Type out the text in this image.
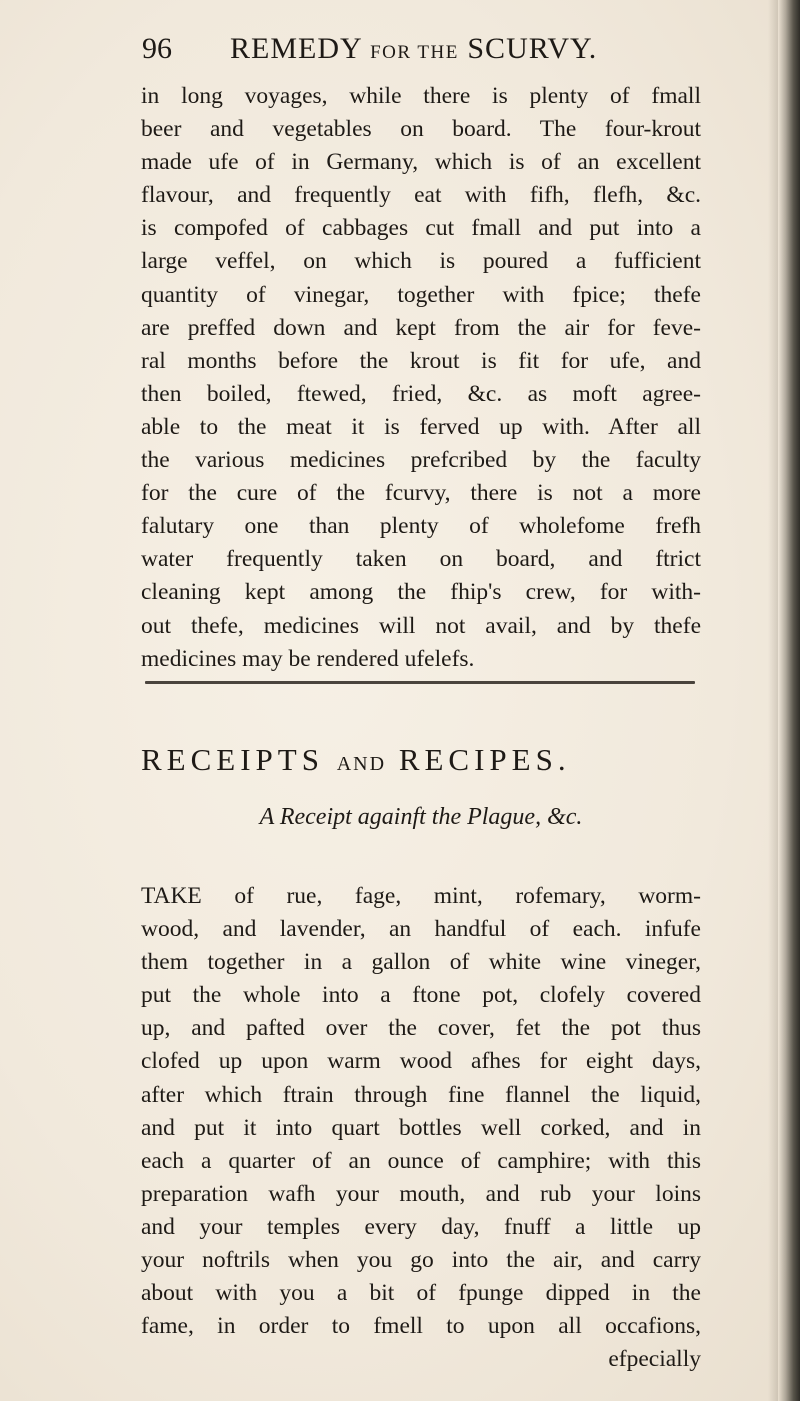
96 REMEDY FOR THE SCURVY.
in long voyages, while there is plenty of fmall
beer and vegetables on board. The four-krout
made ufe of in Germany, which is of an excellent
flavour, and frequently eat with fifh, flefh, &c.
is compofed of cabbages cut fmall and put into a
large veffel, on which is poured a fufficient
quantity of vinegar, together with fpice; thefe
are preffed down and kept from the air for feve-
ral months before the krout is fit for ufe, and
then boiled, ftewed, fried, &c. as moft agree-
able to the meat it is ferved up with. After all
the various medicines prefcribed by the faculty
for the cure of the fcurvy, there is not a more
falutary one than plenty of wholefome frefh
water frequently taken on board, and ftrict
cleaning kept among the fhip's crew, for with-
out thefe, medicines will not avail, and by thefe
medicines may be rendered ufelefs.
RECEIPTS AND RECIPES.
A Receipt againft the Plague, &c.
TAKE of rue, fage, mint, rofemary, worm-
wood, and lavender, an handful of each. infufe
them together in a gallon of white wine vineger,
put the whole into a ftone pot, clofely covered
up, and pafted over the cover, fet the pot thus
clofed up upon warm wood afhes for eight days,
after which ftrain through fine flannel the liquid,
and put it into quart bottles well corked, and in
each a quarter of an ounce of camphire; with this
preparation wafh your mouth, and rub your loins
and your temples every day, fnuff a little up
your noftrils when you go into the air, and carry
about with you a bit of fpunge dipped in the
fame, in order to fmell to upon all occafions,
efpecially
